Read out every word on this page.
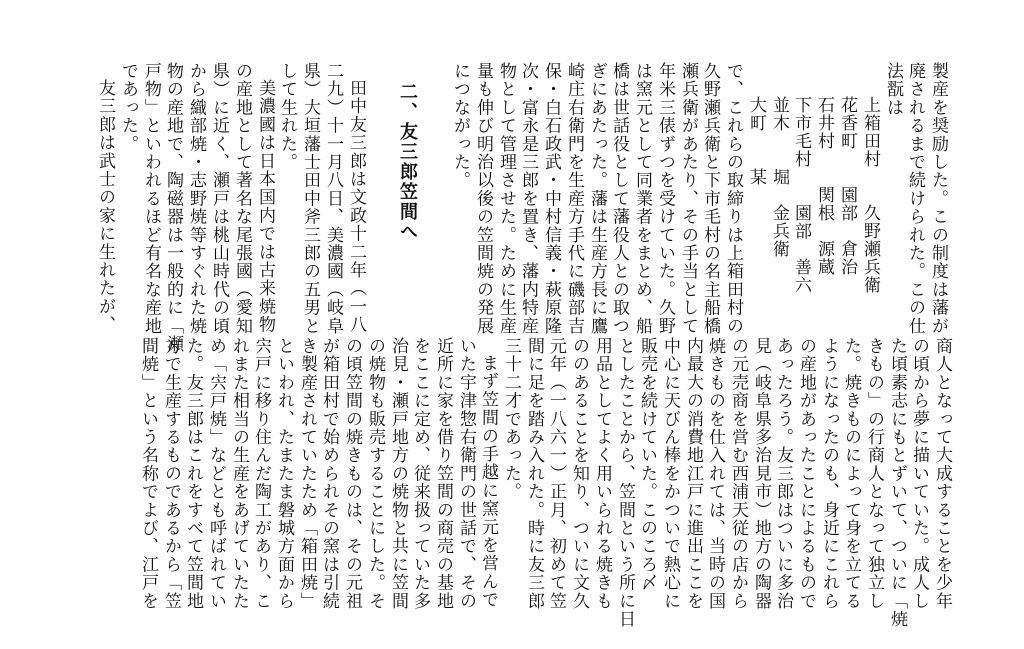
製産を奨励した。この制度は藩が
廃されるまで続けられた。この仕
法翫は
上箱田村　　久野瀬兵衛
花香町　　園部　倉治
石井村　　関根　源蔵
下市毛村　　園部　善六
並木　　堀　金兵衛
大町　　某
で、これらの取締りは上箱田村の
久野瀬兵衛と下市毛村の名主船橋
瀬兵衛があたり、その手当として
年米三俵ずつを受けていた。久野
は窯元として同業者をまとめ、船
橋は世話役として藩役人との取つ
ぎにあたった。藩は生産方長に鷹
崎庄右衛門を生産方手代に磯部吉
保・白石政武・中村信義・萩原隆
次・富永是三郎を置き、藩内特産
物として管理させた。ために生産
量も伸び明治以後の笠間焼の発展
につながった。
二、友三郎笠間へ
田中友三郎は文政十二年（一八
二九）十一月八日、美濃國（岐阜
県）大垣藩士田中斧三郎の五男と
して生れた。
美濃國は日本国内では古来焼物
の産地として著名な尾張國（愛知
県）に近く、瀬戸は桃山時代の頃
から織部焼・志野焼等すぐれた焼
物の産地で、陶磁器は一般的に「瀬
戸物」といわれるほど有名な産地
であった。
友三郎は武士の家に生れたが、
商人となって大成することを少年
の頃から夢に描いていた。成人し
た頃素志にもとずいて、ついに「焼
きもの」の行商人となって独立し
た。焼きものによって身を立てる
ようになったのも、身近にこれら
の産地があったことによるもので
あったろう。友三郎はついに多治
見（岐阜県多治見市）地方の陶器
の元売商を営む西浦天従の店から
焼きものを仕入れては、当時の国
内最大の消費地江戸に進出ここを
中心に天びん棒をかついで熱心に
販売を続けていた。このころ〆
としたことから、笠間という所に日
用品としてよく用いられる焼きも
ののあることを知り、ついに文久
元年（一八六一）正月、初めて笠
間に足を踏み入れた。時に友三郎
三十二才であった。
まず笠間の手越に窯元を営んで
いた宇津惣右衛門の世話で、その
近所に家を借り笠間の商売の基地
をここに定め、従来扱っていた多
治見・瀬戸地方の焼物と共に笠間
の焼物も販売することにした。そ
の頃笠間の焼きものは、その元祖
が箱田村で始められその窯は引続
き製産されていたため「箱田焼」
といわれ、たまたま磐城方面から
宍戸に移り住んだ陶工があり、こ
れまた相当の生産をあげていたた
め「宍戸焼」などとも呼ばれてい
た。友三郎はこれをすべて笠間地
方で生産するものであるから「笠
間焼」という名称でよび、江戸を
